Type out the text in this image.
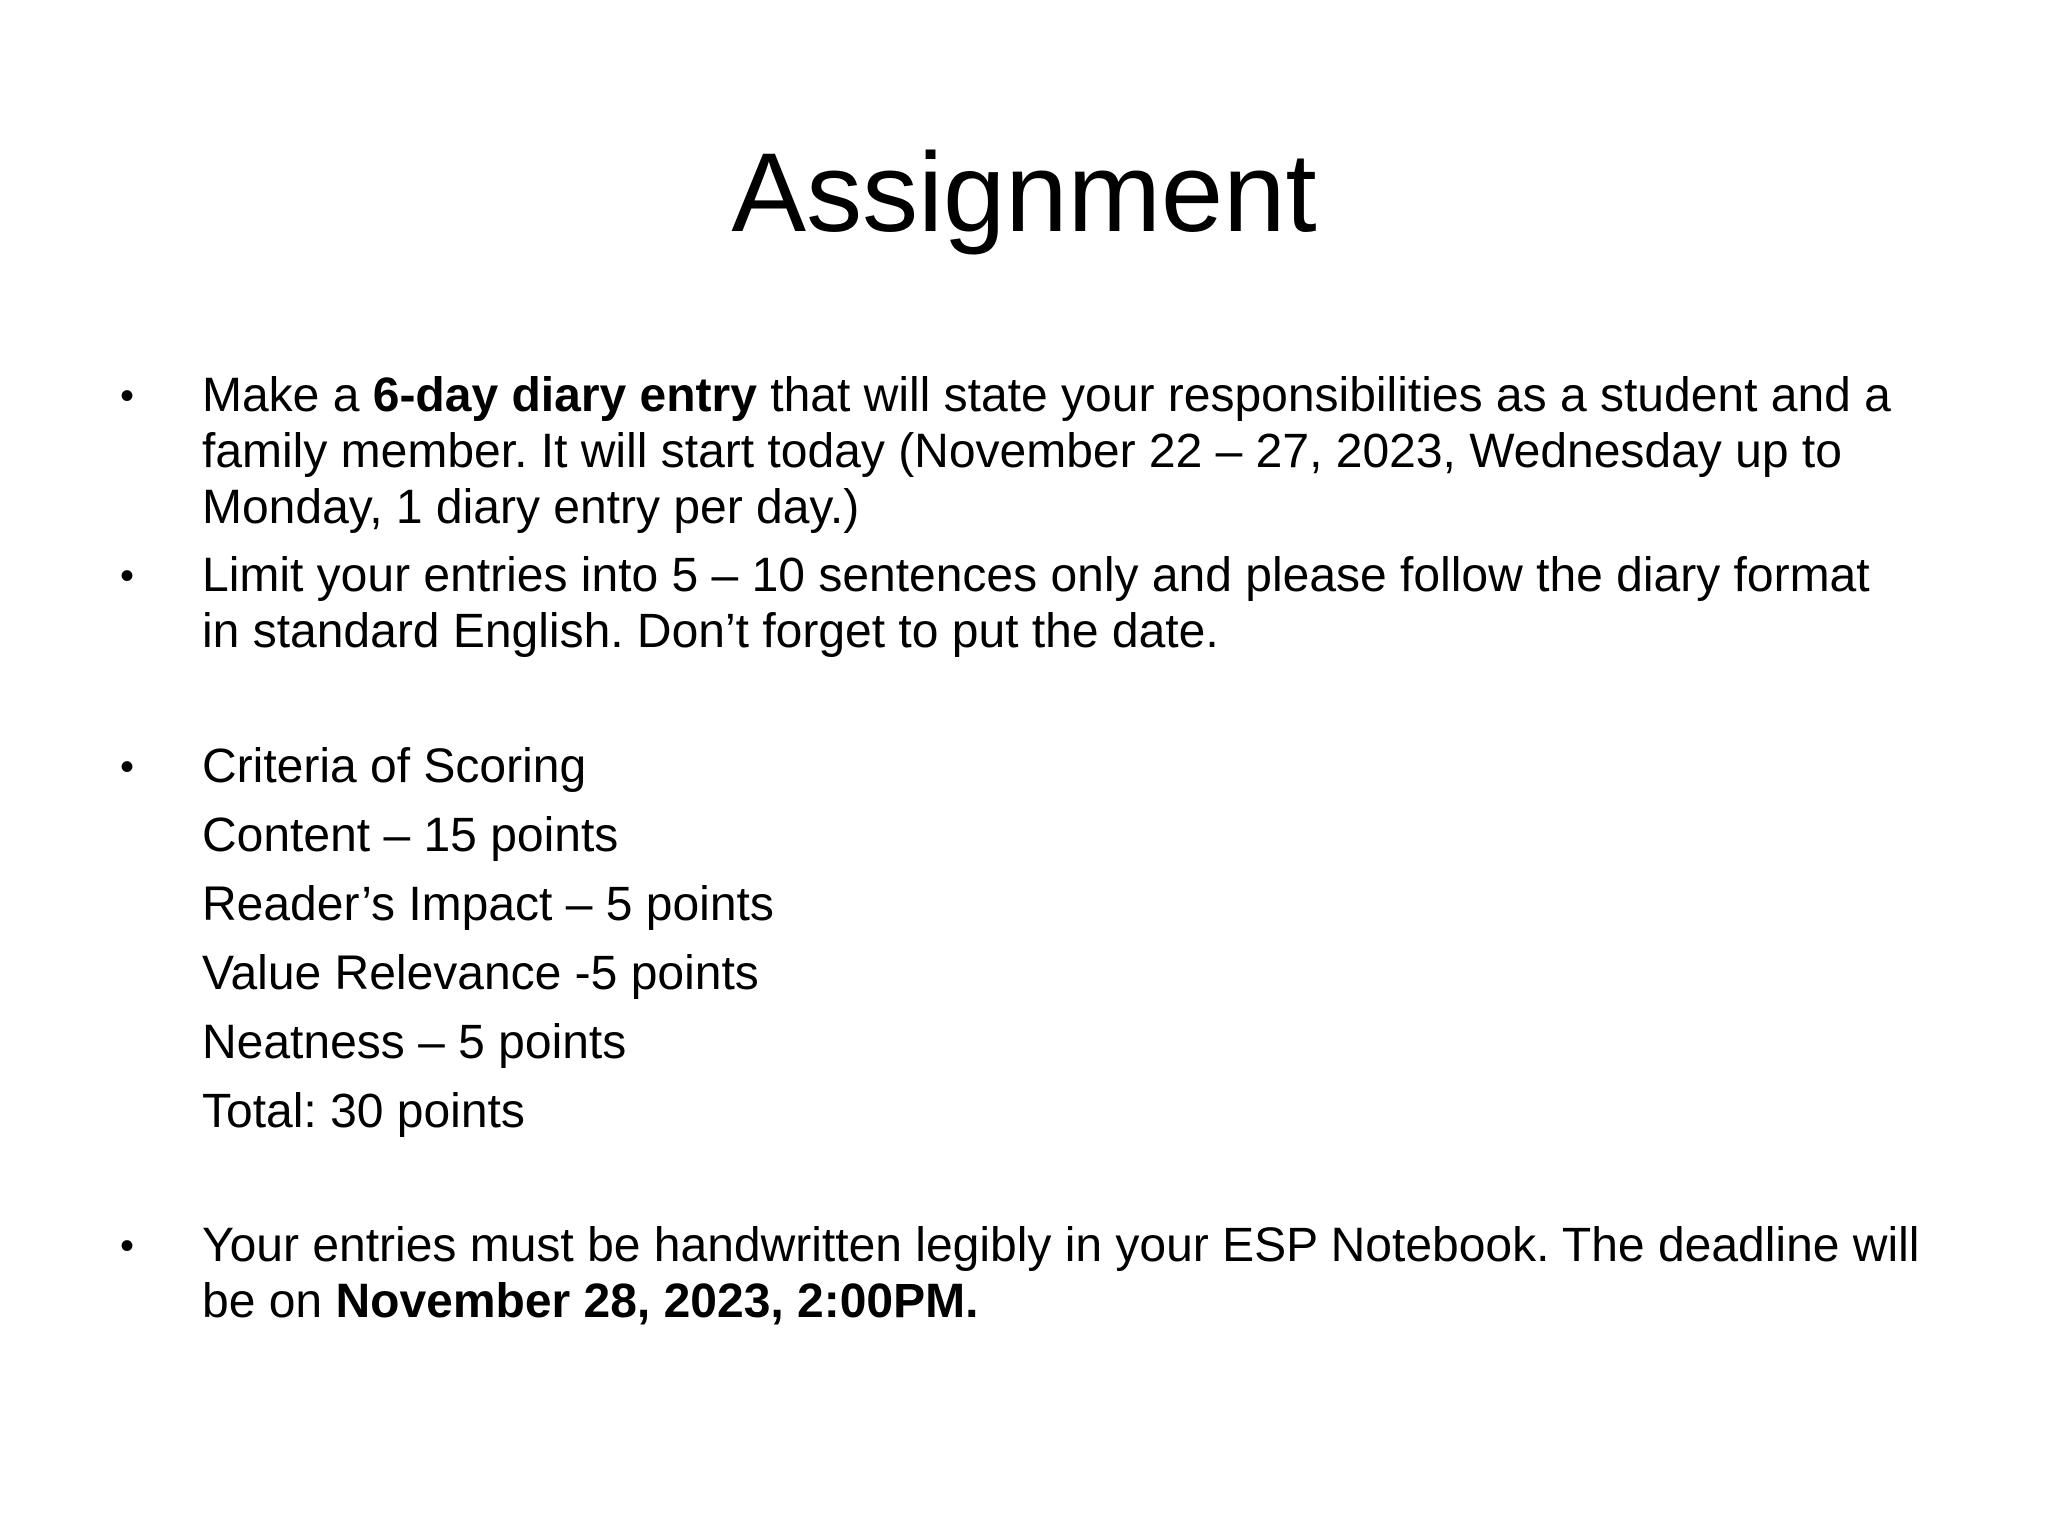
Assignment

•	Make a 6-day diary entry that will state your responsibilities as a student and a family member. It will start today (November 22 – 27, 2023, Wednesday up to Monday, 1 diary entry per day.)

•	Limit your entries into 5 – 10 sentences only and please follow the diary format in standard English. Don’t forget to put the date.

•	Criteria of Scoring
Content – 15 points
Reader’s Impact – 5 points
Value Relevance -5 points
Neatness – 5 points
Total: 30 points

•	Your entries must be handwritten legibly in your ESP Notebook. The deadline will be on November 28, 2023, 2:00PM.
